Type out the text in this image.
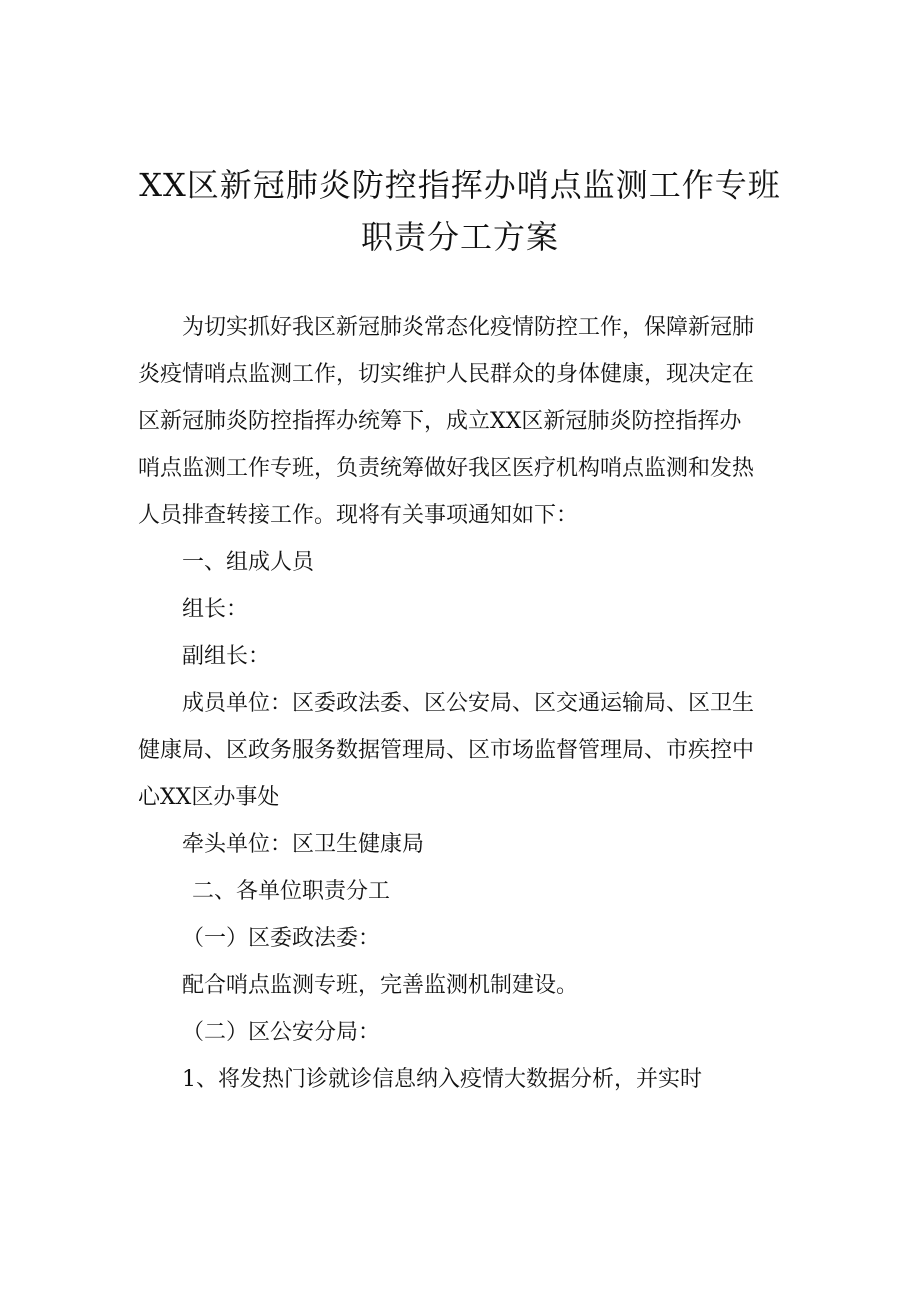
XX区新冠肺炎防控指挥办哨点监测工作专班
职责分工方案
为切实抓好我区新冠肺炎常态化疫情防控工作，保障新冠肺
炎疫情哨点监测工作，切实维护人民群众的身体健康，现决定在
区新冠肺炎防控指挥办统筹下，成立XX区新冠肺炎防控指挥办
哨点监测工作专班，负责统筹做好我区医疗机构哨点监测和发热
人员排查转接工作。现将有关事项通知如下：
一、组成人员
组长：
副组长：
成员单位：区委政法委、区公安局、区交通运输局、区卫生
健康局、区政务服务数据管理局、区市场监督管理局、市疾控中
心XX区办事处
牵头单位：区卫生健康局
二、各单位职责分工
（一）区委政法委：
配合哨点监测专班，完善监测机制建设。
（二）区公安分局：
1、将发热门诊就诊信息纳入疫情大数据分析，并实时
